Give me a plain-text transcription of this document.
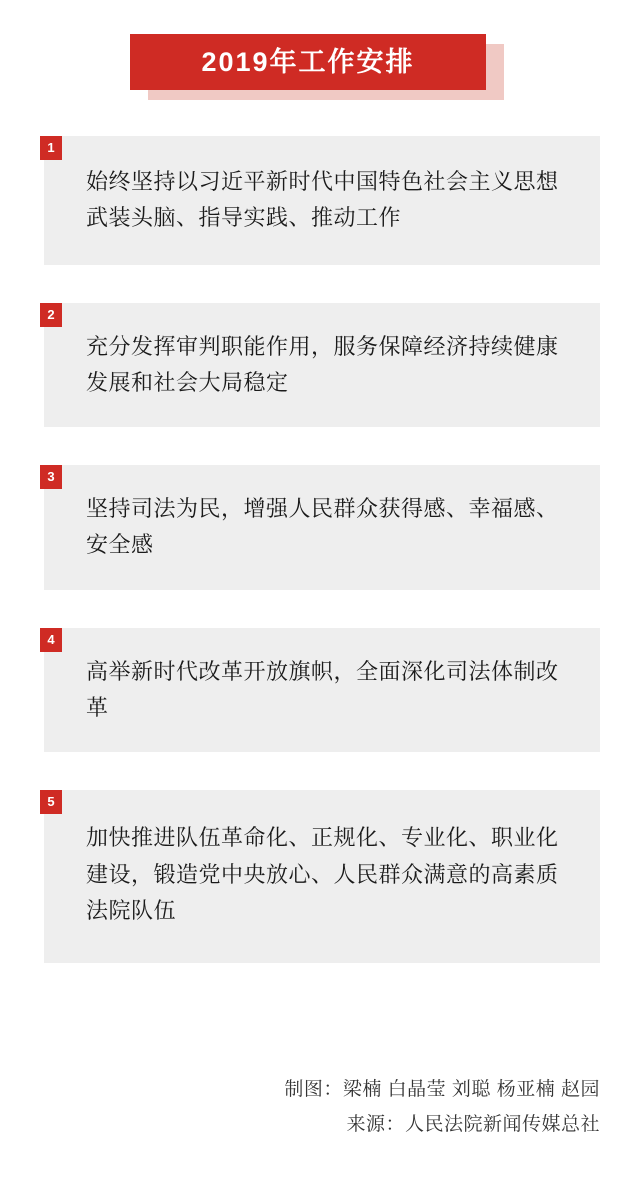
2019年工作安排
1
始终坚持以习近平新时代中国特色社会主义思想武装头脑、指导实践、推动工作
2
充分发挥审判职能作用，服务保障经济持续健康发展和社会大局稳定
3
坚持司法为民，增强人民群众获得感、幸福感、安全感
4
高举新时代改革开放旗帜，全面深化司法体制改革
5
加快推进队伍革命化、正规化、专业化、职业化建设，锻造党中央放心、人民群众满意的高素质法院队伍
制图：梁楠 白晶莹 刘聪 杨亚楠 赵园
来源：人民法院新闻传媒总社
